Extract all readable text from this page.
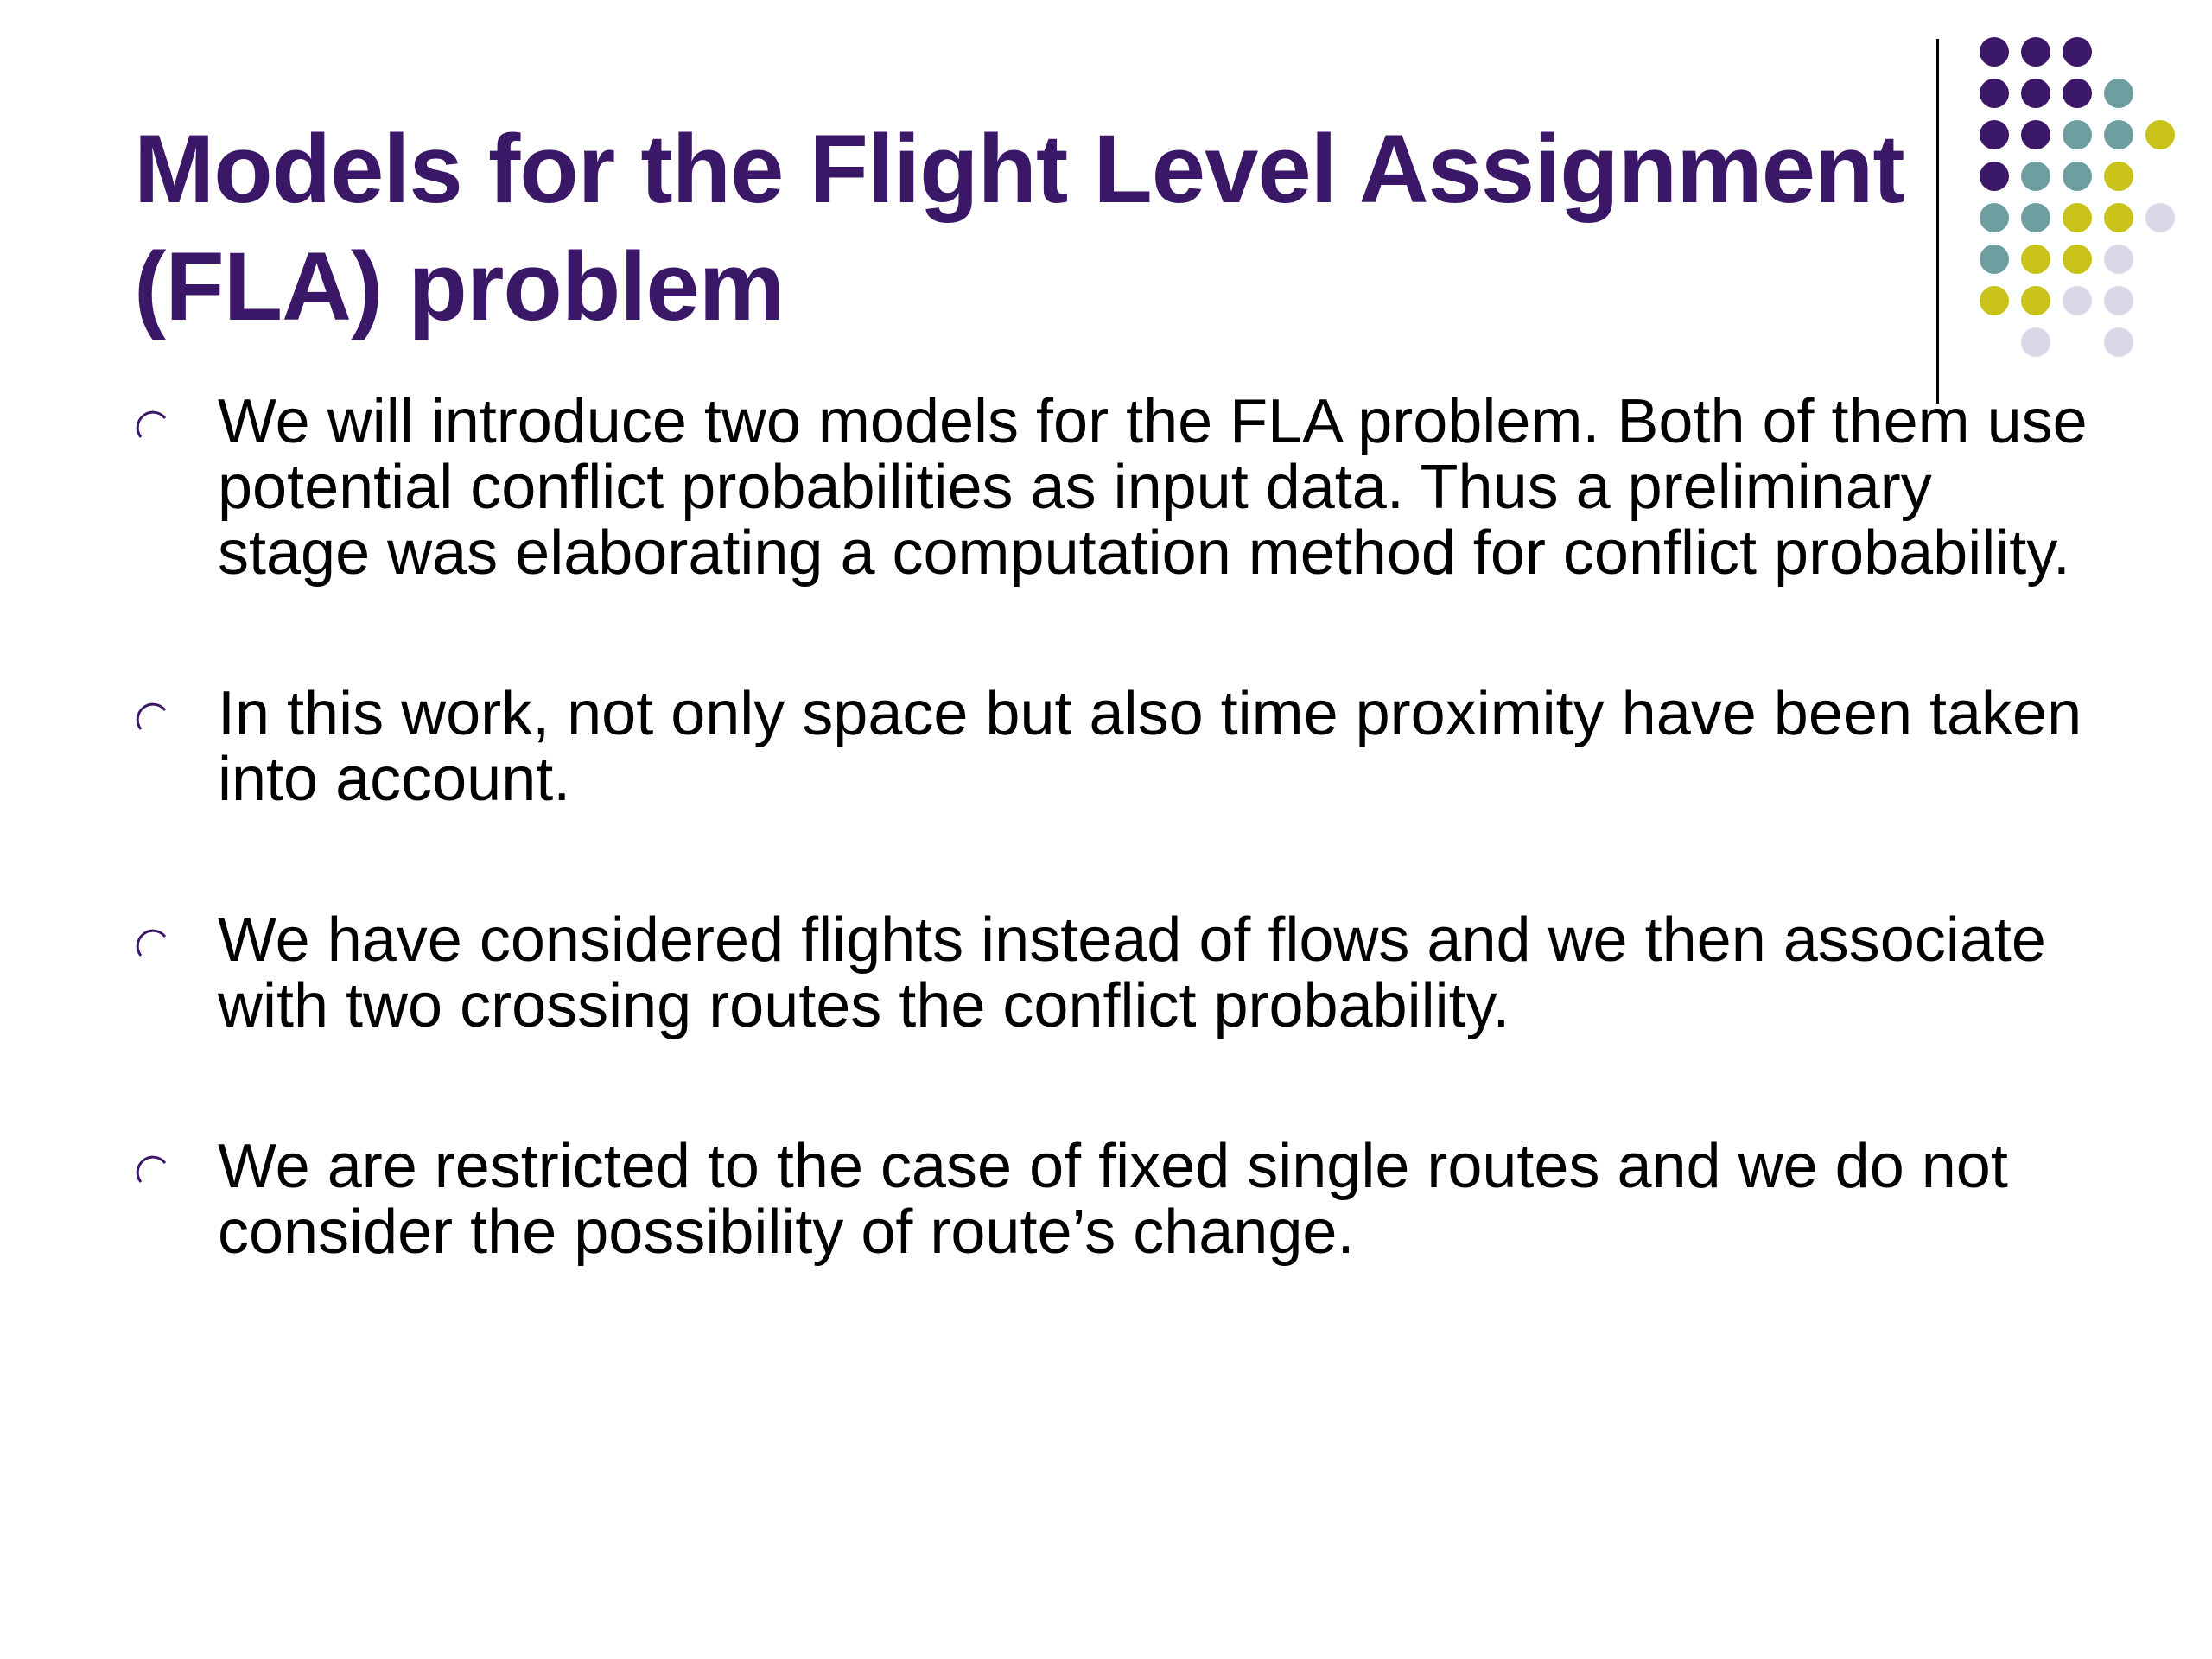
Models for the Flight Level Assignment (FLA) problem
We will introduce two models for the FLA problem. Both of them use potential conflict probabilities as input data. Thus a preliminary stage was elaborating a computation method for conflict probability.
In this work, not only space but also time proximity have been taken into account.
We have considered flights instead of flows and we then associate with two crossing routes the conflict probability.
We are restricted to the case of fixed single routes and we do not consider the possibility of route’s change.
